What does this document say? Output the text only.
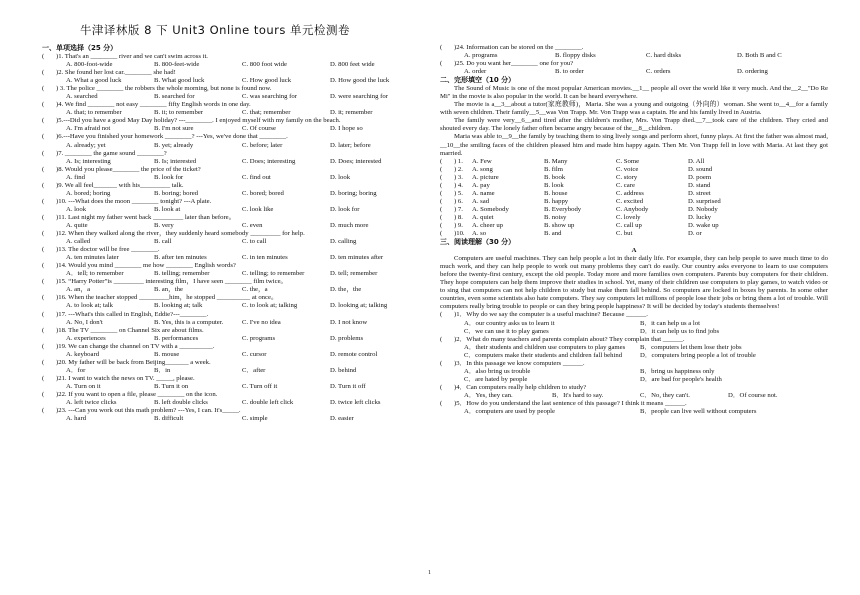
牛津译林版 8 下 Unit3 Online tours 单元检测卷
一、单项选择（25 分）
(	)1. That's an ________ river and we can't swim across it.
A. 800-foot-wide	B. 800-feet-wide	C. 800 foot wide	D. 800 feet wide
(	)2. She found her lost car.________ she had!
A. What a good luck	B. What good luck	C. How good luck	D. How good the luck
(	) 3. The police ________ the robbers the whole morning, but none is found now.
A. searched	B. searched for	C. was searching for	D. were searching for
(	)4. We find ________ not easy ________ fifty English words in one day.
A. that; to remember	B. it; to remember	C. that; remember	D. it; remember
(	)5.---Did you have a good May Day holiday? ---________. I enjoyed myself with my family on the beach.
A. I'm afraid not	B. I'm not sure	C. Of course	D. I hope so
(	)6.---Have you finished your homework ________? ---Yes, we've done that ________.
A. already; yet	B. yet; already	C. before; later	D. later; before
(	)7. ________ the game sound ________?
A. Is; interesting	B. Is; interested	C. Does; interesting	D. Does; interested
(	)8. Would you please________ the price of the ticket?
A. find	B. look for	C. find out	D. look
(	)9. We all feel_______ with his_________ talk.
A. bored; boring	B. boring; bored	C. bored; bored	D. boring; boring
(	)10. ---What does the moon ________ tonight? ---A plate.
A. look	B. look at	C. look like	D. look for
(	)11. Last night my father went back _________ later than before。
A. quite	B. very	C. even	D. much more
(	)12. When they walked along the river，they suddenly heard somebody _________ for help.
A. called	B. call	C. to call	D. calling
(	)13. The doctor will be free ________.
A. ten minutes later	B. after ten minutes	C. in ten minutes	D. ten minutes after
(	)14. Would you mind ________ me how ________ English words?
A．tell; to remember	B. telling; remember	C. telling; to remember	D. tell; remember
(	)15. “Harry Potter”is _________ interesting film，I have seen ________ film twice。
A. an，a	B. an，the	C. the，a	D. the，the
(	)16. When the teacher stopped _________him，he stopped __________ at once。
A. to look at; talk	B. looking at; talk	C. to look at; talking	D. looking at; talking
(	)17. ---What's this called in English, Eddie?---________.
A. No, I don't	B. Yes, this is a computer.	C. I've no idea	D. I not know
(	)18. The TV ________ on Channel Six are about films.
A. experiences	B. performances	C. programs	D. problems
(	)19. We can change the channel on TV with a __________.
A. keyboard	B. mouse	C. cursor	D. remote control
(	)20. My father will be back from Beijing_______ a week.
A．for	B．in	C．after	D. behind
(	)21. I want to watch the news on TV. _____, please.
A. Turn on it	B. Turn it on	C. Turn off it	D. Turn it off
(	)22. If you want to open a file, please ________ on the icon.
A. left twice clicks	B. left double clicks	C. double left click	D. twice left clicks
(	)23. ---Can you work out this math problem? ---Yes, I can. It's_____.
A. hard	B. difficult	C. simple	D. easier
(	)24. Information can be stored on the ________.
A. programs	B. floppy disks	C. hard disks	D. Both B and C
(	)25. Do you want her________ one for you?
A. order	B. to order	C. orders	D. ordering
二、完形填空（10 分）

The Sound of Music is one of the most popular American movies.__1__ people all over the world like it very much. And the__2__"Do Re Mi" in the movie is also popular in the world. It can be heard everywhere.

The movie is a__3__about a tutor(家庭教师)，Maria. She was a young and outgoing（外向的）woman. She went to__4__for a family with seven children. Their family__5__was Von Trapp. Mr. Von Trapp was a captain. He and his family lived in Austria.

The family were very__6__and tired after the children's mother, Mrs. Von Trapp died.__7__took care of the children. They cried and shouted every day. The lonely father often became angry because of the__8__children.

Maria was able to__9__the family by teaching them to sing lively songs and perform short, funny plays. At first the father was almost mad, __10__the smiling faces of the children pleased him and made him happy again. Then Mr. Von Trapp fell in love with Maria. At last they got married.

(	) 1.	A. Few	B. Many	C. Some	D. All
(	) 2.	A. song	B. film	C. voice	D. sound
(	) 3.	A. picture	B. book	C. story	D. poem
(	) 4.	A. pay	B. look	C. care	D. stand
(	) 5.	A. name	B. house	C. address	D. street
(	) 6.	A. sad	B. happy	C. excited	D. surprised
(	) 7.	A. Somebody	B. Everybody	C. Anybody	D. Nobody
(	) 8.	A. quiet	B. noisy	C. lovely	D. lucky
(	) 9.	A. cheer up	B. show up	C. call up	D. wake up
(	)10.	A. so	B. and	C. but	D. or
三、阅读理解（30 分）
A

Computers are useful machines. They can help people a lot in their daily life. For example, they can help people to save much time to do much work, and they can help people to work out many problems they can't do easily. Our country asks everyone to learn to use computers before the twenty-first century, except the old people. Today more and more families own computers. Parents buy computers for their children. They hope computers can help them improve their studies in school. Yet, many of their children use computers to play games, to watch video or to sing that computers can not help children to study but make them fall behind. So computers are locked in boxes by parents. In some other countries, even some scientists also hate computers. They say computers let millions of people lose their jobs or bring them a lot of trouble. Will computers really bring trouble to people or can they bring people happiness? It will be decided by today's students themselves!

(	)1．Why do we say the computer is a useful machine? Because ______.
A．our country asks us to learn it	B．it can help us a lot
C．we can use it to play games	D．it can help us to find jobs
(	)2．What do many teachers and parents complain about? They complain that ______.
A．their students and children use computers to play games	B．computers let them lose their jobs
C．computers make their students and children fall behind	D．computers bring people a lot of trouble
(	)3．In this passage we know computers ______.
A．also bring us trouble	B．bring us happiness only
C．are hated by people	D．are bad for people's health
(	)4．Can computers really help children to study?
A．Yes, they can.	B．It's hard to say.	C．No, they can't.	D．Of course not.
(	)5．How do you understand the last sentence of this passage? I think it means ______.
A．computers are used by people	B．people can live well without computers
1
